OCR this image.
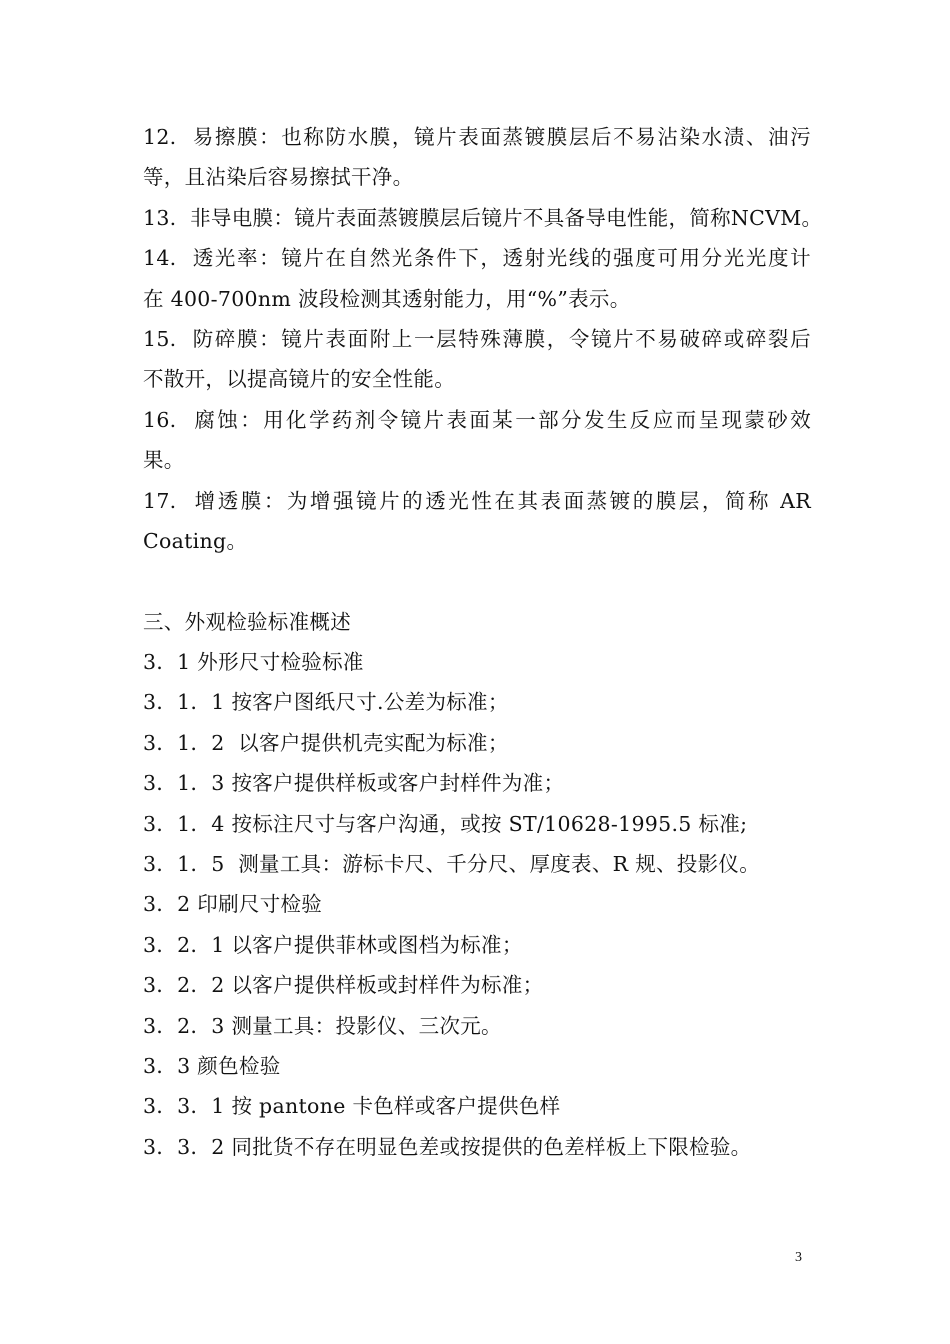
12.  易擦膜：也称防水膜，镜片表面蒸镀膜层后不易沾染水渍、油污
等，且沾染后容易擦拭干净。
13.  非导电膜：镜片表面蒸镀膜层后镜片不具备导电性能，简称NCVM。
14.  透光率：镜片在自然光条件下，透射光线的强度可用分光光度计
在 400-700nm 波段检测其透射能力，用“%”表示。
15.  防碎膜：镜片表面附上一层特殊薄膜，令镜片不易破碎或碎裂后
不散开，以提高镜片的安全性能。
16.  腐蚀：用化学药剂令镜片表面某一部分发生反应而呈现蒙砂效
果。
17.  增透膜：为增强镜片的透光性在其表面蒸镀的膜层，简称 AR
Coating。
三、外观检验标准概述
3．1 外形尺寸检验标准
3．1．1 按客户图纸尺寸.公差为标准；
3．1．2  以客户提供机壳实配为标准；
3．1．3 按客户提供样板或客户封样件为准；
3．1．4 按标注尺寸与客户沟通，或按 ST/10628-1995.5 标准;
3．1．5  测量工具：游标卡尺、千分尺、厚度表、R 规、投影仪。
3．2 印刷尺寸检验
3．2．1 以客户提供菲林或图档为标准；
3．2．2 以客户提供样板或封样件为标准；
3．2．3 测量工具：投影仪、三次元。
3．3 颜色检验
3．3．1 按 pantone 卡色样或客户提供色样
3．3．2 同批货不存在明显色差或按提供的色差样板上下限检验。
3
